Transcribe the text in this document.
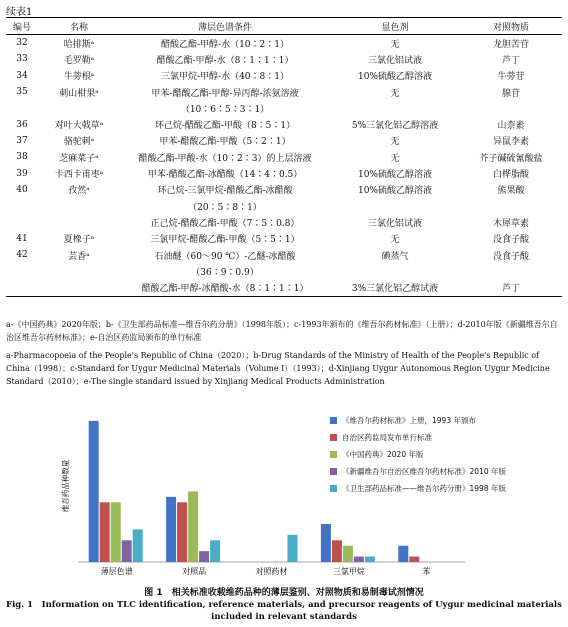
续表1
编号	名称	薄层色谱条件	显色剂	对照物质
32	哈排斯ᵃ	醋酸乙酯-甲醇-水（10∶2∶1）	无	龙胆苦苷
33	毛罗勒ᵃ	醋酸乙酯-甲醇-水（8∶1∶1∶1）	三氯化铝试液	芦丁
34	牛蒡根ᵃ	三氯甲烷-甲醇-水（40∶8∶1）	10%硫酸乙醇溶液	牛蒡苷
35	刺山柑果ᵃ	甲苯-醋酸乙酯-甲醇-异丙醇-浓氨溶液	无	腺苷
		（10∶6∶5∶3∶1）		
36	对叶大戟草ᵃ	环己烷-醋酸乙酯-甲酸（8∶5∶1）	5%三氯化铝乙醇溶液	山柰素
37	骆驼刺ᵃ	甲苯-醋酸乙酯-甲酸（5∶2∶1）	无	异鼠李素
38	芝麻菜子ᵃ	醋酸乙酯-甲酸-水（10∶2∶3）的上层溶液	无	芥子碱硫氰酸盐
39	卡西卡甫枣ᵃ	甲苯-醋酸乙酯-冰醋酸（14∶4∶0.5）	10%硫酸乙醇溶液	白桦脂酸
40	孜然ᵃ	环己烷-三氯甲烷-醋酸乙酯-冰醋酸	10%硫酸乙醇溶液	熊果酸
		（20∶5∶8∶1）		
		正己烷-醋酸乙酯-甲酸（7∶5∶0.8）	三氯化铝试液	木犀草素
41	夏橡子ᵃ	三氯甲烷-醋酸乙酯-甲酸（5∶5∶1）	无	没食子酸
42	芸香ᵃ	石油醚（60～90 ℃）-乙醚-冰醋酸	碘蒸气	没食子酸
		（36∶9∶0.9）		
		醋酸乙酯-甲醇-冰醋酸-水（8∶1∶1∶1）	3%三氯化铝乙醇试液	芦丁

a-《中国药典》2020年版；b-《卫生部药品标准—维吾尔药分册》（1998年版）；c-1993年颁布的《维吾尔药材标准》（上册）；d-2010年版《新疆维吾尔自治区维吾尔药材标准》；e-自治区药监局颁布的单行标准

a-Pharmacopoeia of the People's Republic of China（2020）；b-Drug Standards of the Ministry of Health of the People's Republic of China（1998）；c-Standard for Uygur Medicinal Materials（Volume Ⅰ）（1993）；d-Xinjiang Uygur Autonomous Region Uygur Medicine Standard（2010）；e-The single standard issued by Xinjiang Medical Products Administration

维吾药品种数量
薄层色谱	对照品	对照药材	三氯甲烷	苯
《维吾尔药材标准》上册，1993 年颁布
自治区药监局发布单行标准
《中国药典》2020 年版
《新疆维吾尔自治区维吾尔药材标准》2010 年版
《卫生部药品标准——维吾尔药分册》1998 年版
图 1　相关标准收载维药品种的薄层鉴别、对照物质和易制毒试剂情况
Fig. 1　Information on TLC identification, reference materials, and precursor reagents of Uygur medicinal materials included in relevant standards
